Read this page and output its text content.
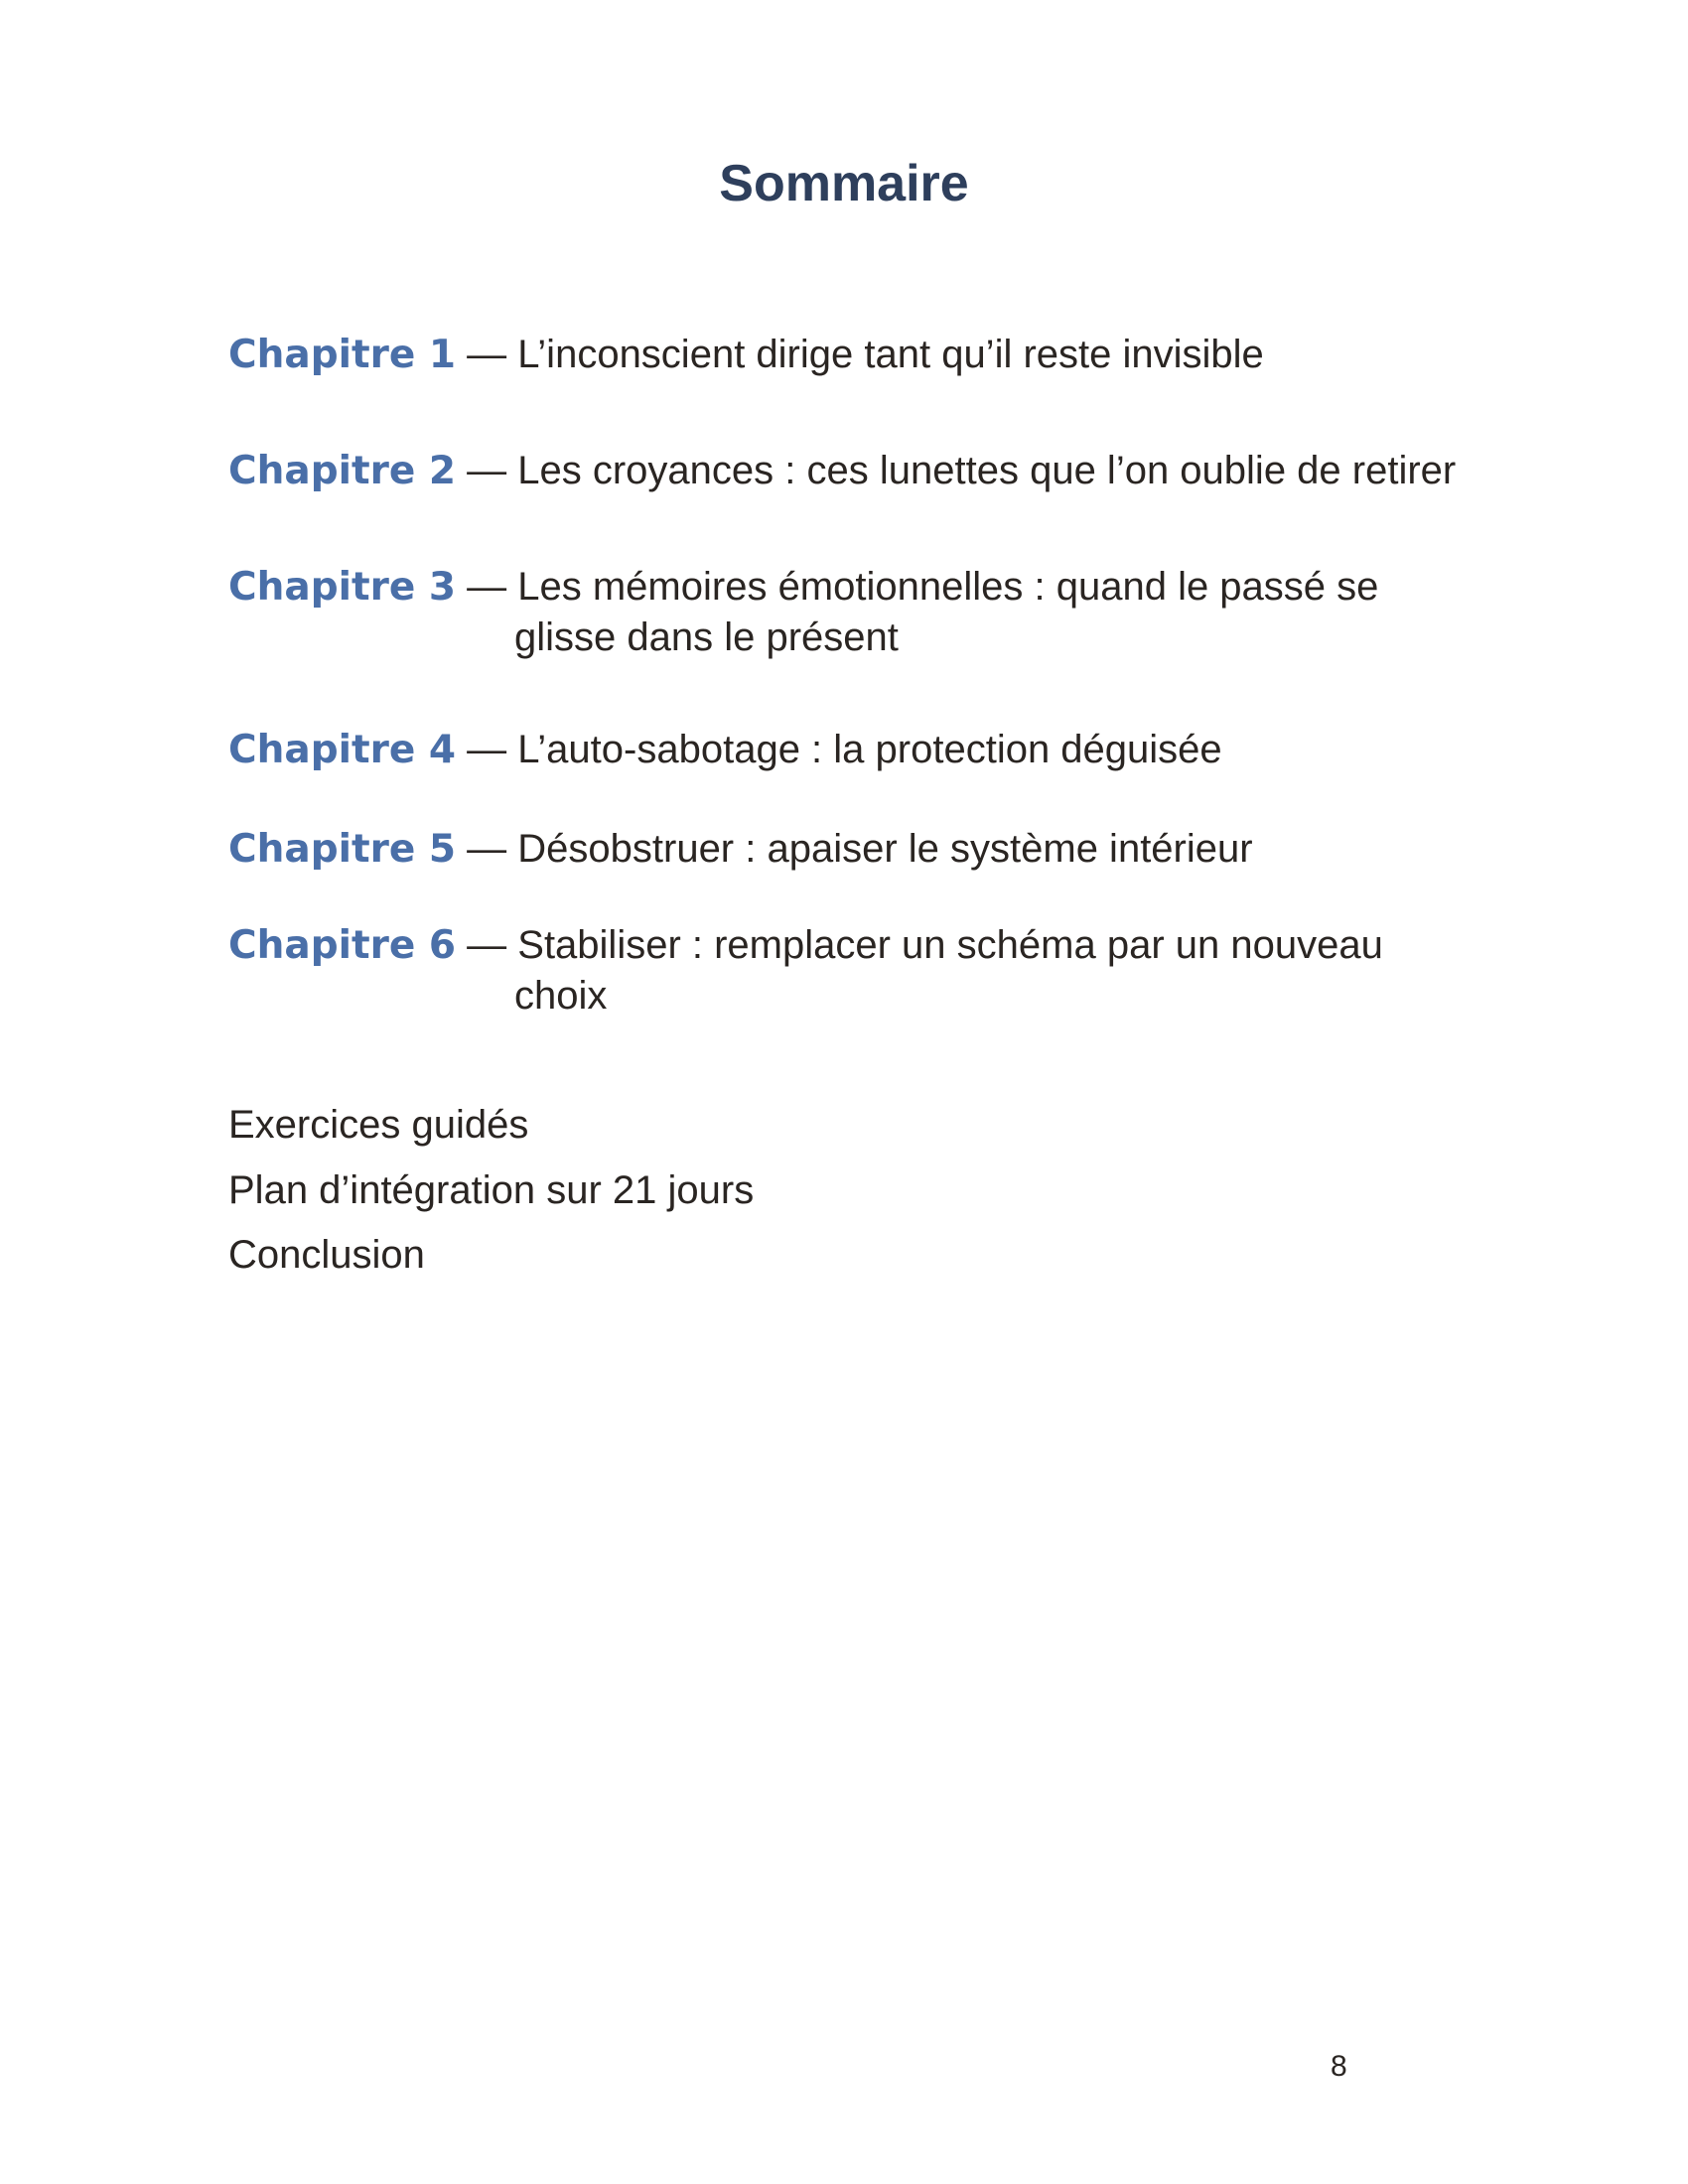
Sommaire
Chapitre 1 — L’inconscient dirige tant qu’il reste invisible
Chapitre 2 — Les croyances : ces lunettes que l’on oublie de retirer
Chapitre 3 — Les mémoires émotionnelles : quand le passé se
glisse dans le présent
Chapitre 4 — L’auto-sabotage : la protection déguisée
Chapitre 5 — Désobstruer : apaiser le système intérieur
Chapitre 6 — Stabiliser : remplacer un schéma par un nouveau
choix
Exercices guidés
Plan d’intégration sur 21 jours
Conclusion
8
